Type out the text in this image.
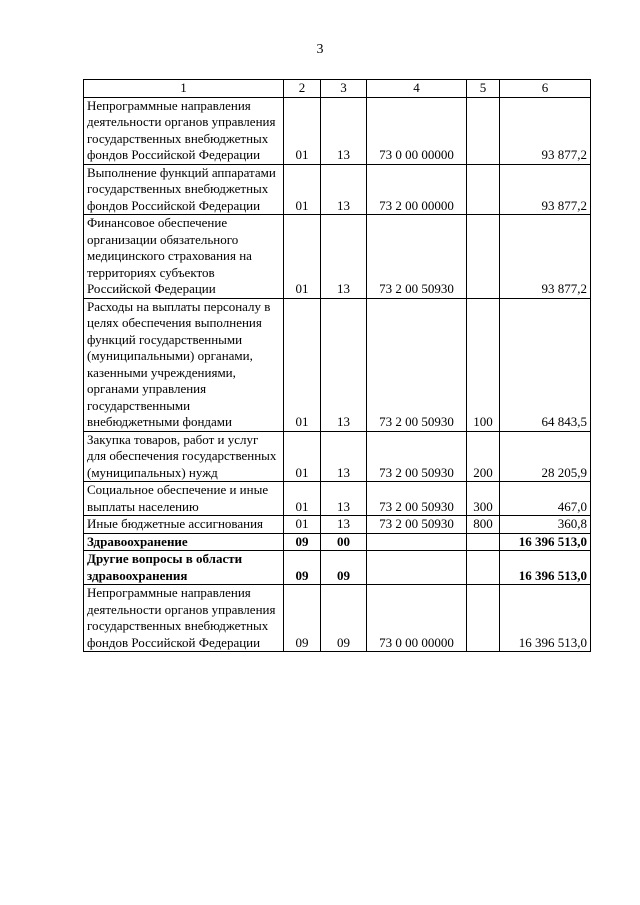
3
1	2	3	4	5	6
Непрограммные направления деятельности органов управления государственных внебюджетных фондов Российской Федерации	01	13	73 0 00 00000		93 877,2
Выполнение функций аппаратами государственных внебюджетных фондов Российской Федерации	01	13	73 2 00 00000		93 877,2
Финансовое обеспечение организации обязательного медицинского страхования на территориях субъектов Российской Федерации	01	13	73 2 00 50930		93 877,2
Расходы на выплаты персоналу в целях обеспечения выполнения функций государственными (муниципальными) органами, казенными учреждениями, органами управления государственными внебюджетными фондами	01	13	73 2 00 50930	100	64 843,5
Закупка товаров, работ и услуг для обеспечения государственных (муниципальных) нужд	01	13	73 2 00 50930	200	28 205,9
Социальное обеспечение и иные выплаты населению	01	13	73 2 00 50930	300	467,0
Иные бюджетные ассигнования	01	13	73 2 00 50930	800	360,8
Здравоохранение	09	00			16 396 513,0
Другие вопросы в области здравоохранения	09	09			16 396 513,0
Непрограммные направления деятельности органов управления государственных внебюджетных фондов Российской Федерации	09	09	73 0 00 00000		16 396 513,0
